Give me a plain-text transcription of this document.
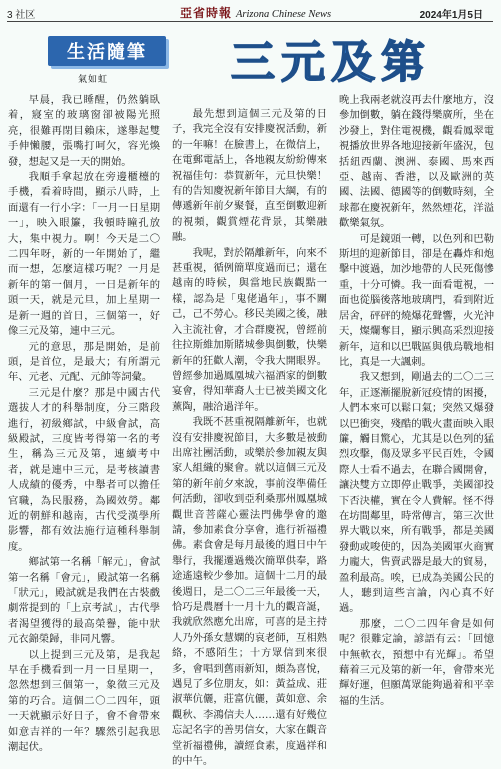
3 社区	亞省時報 Arizona Chinese News	2024年1月5日
生活隨筆
氣如虹	三元及第

早晨，我已睡醒，仍然躺臥着，寢室的玻璃窗卻被陽光照亮，很難再閉目賴床，遂舉起雙手伸懶腰，張嘴打呵欠，容光煥發，想起又是一天的開始。

我順手拿起放在旁邊櫃檯的手機，看着時間，顯示八時，上面還有一行小字：「一月一日星期一」，映入眼簾，我頓時瞳孔放大，集中視力。啊！今天是二〇二四年呀，新的一年開始了，繼而一想，怎麼這樣巧呢？一月是新年的第一個月，一日是新年的頭一天，就是元旦，加上星期一是新一週的首日，三個第一，好像三元及第，連中三元。

元的意思，那是開始，是前頭，是首位，是最大；有所謂元年、元老、元配、元帥等詞彙。

三元是什麼？那是中國古代選拔人才的科舉制度，分三階段進行，初級鄉試，中級會試，高級殿試，三度皆考得第一名的考生，稱為三元及第，連續考中者，就是連中三元，是考核讀書人成績的優秀，中舉者可以擔任官職，為民服務，為國效勞。鄰近的朝鮮和越南，古代受漢學所影響，都有效法施行這種科舉制度。

鄉試第一名稱「解元」，會試第一名稱「會元」，殿試第一名稱「狀元」，殿試就是我們在古裝戲劇常提到的「上京考試」，古代學者渴望獲得的最高榮譽，能中狀元衣錦榮歸，非同凡響。

以上提到三元及第，是我起早在手機看到一月一日星期一，忽然想到三個第一，象徵三元及第的巧合。這個二〇二四年，頭一天就顯示好日子，會不會帶來如意吉祥的一年？驟然引起我思潮起伏。

最先想到這個三元及第的日子，我完全沒有安排慶祝活動，新的一年嘛！在臉書上，在微信上，在電郵電話上，各地親友紛紛傳來祝福佳句：恭賀新年，元旦快樂！有的告知慶祝新年節目大綱，有的傳遞新年前夕聚餐，直至倒數迎新的視頻，觀賞煙花背景，其樂融融。

我呢，對於隔離新年，向來不甚重視，循例簡單度過而已；還在越南的時候，與當地民族觀點一樣，認為是「鬼佬過年」，事不關己，己不勞心。移民美國之後，融入主流社會，才合群慶祝，曾經前往拉斯維加斯賭城參與倒數，快樂新年的狂歡人潮，令我大開眼界。曾經參加過鳳凰城六福酒家的倒數宴會，得知華裔人士已被美國文化薰陶，融洽過洋年。

我既不甚重視隔離新年，也就沒有安排慶祝節目，大多數是被動出席社團活動，或樂於參加親友與家人組織的聚會。就以這個三元及第的新年前夕來說，事前沒準備任何活動，卻收到亞利桑那州鳳凰城觀世音菩薩心靈法門佛學會的邀請，參加素食分享會，進行祈福禮佛。素食會是每月最後的週日中午舉行，我擺遷過幾次簡單供奉，路途遙遠較少參加。這個十二月的最後週日，是二〇二三年最後一天，恰巧是農曆十一月十九的觀音誕，我就欣然應允出席，可喜的是主持人乃外孫女慧嫻的哀老師，互相熟絡，不感陌生；十方眾信到來很多，會唱到舊雨新知，頗為喜悅，遇見了多位朋友，如：黃益成、莊淑華伉儷，莊富伉儷，黃如意、余觀秋、李鴻信夫人……還有好幾位忘記名字的善男信女，大家在觀音堂祈福禮佛，讀經食素，度過祥和的中午。

晚上我兩老就沒再去什麼地方，沒參加倒數，躺在錢得樂廣所，坐在沙發上，對住電視機，觀看鳳翠電視播放世界各地迎接新年盛況，包括紐西蘭、澳洲、泰國、馬來西亞、越南、香港，以及歐洲的英國、法國、德國等的倒數時刻，全球都在慶祝新年，然然煙花，洋溢歡樂氣氛。

可是鏡頭一轉，以色列和巴勒斯坦的迎新節目，卻是在轟炸和炮擊中渡過，加沙地帶的人民死傷慘重，十分可憐。我一面看電視，一面也從腦後落地玻璃門，看到附近居舍，砰砰的燒爆花聲響，火光沖天，燦爛奪目，顯示興高采烈迎接新年，這和以巴戰區與俄烏戰地相比，真是一大諷刺。

我又想到，剛過去的二〇二三年，正逐漸擺脫新冠疫情的困擾，人們本來可以鬆口氣；突然又爆發以巴衝突，殘酷的戰火畫面映入眼簾，觸目驚心，尤其是以色列的猛烈攻擊，傷及眾多平民百姓，令國際人士看不過去，在聯合國開會，讓決雙方立即停止戰爭，美國卻投下否決權，實在令人費解。怪不得在坊間鄰里，時常傳言，第三次世界大戰以來，所有戰爭，都是美國發動或唆使的，因為美國軍火商實力龐大，售賣武器是最大的貿易，盈利最高。唉，已成為美國公民的人，聽到這些言論，內心真不好過。

那麼，二〇二四年會是如何呢？很難定論，諺語有云：「回憶中無軟衣，預想中有光輝」。希望藉着三元及第的新一年，會帶來光輝好運，但願萬眾能夠過着和平幸福的生活。
